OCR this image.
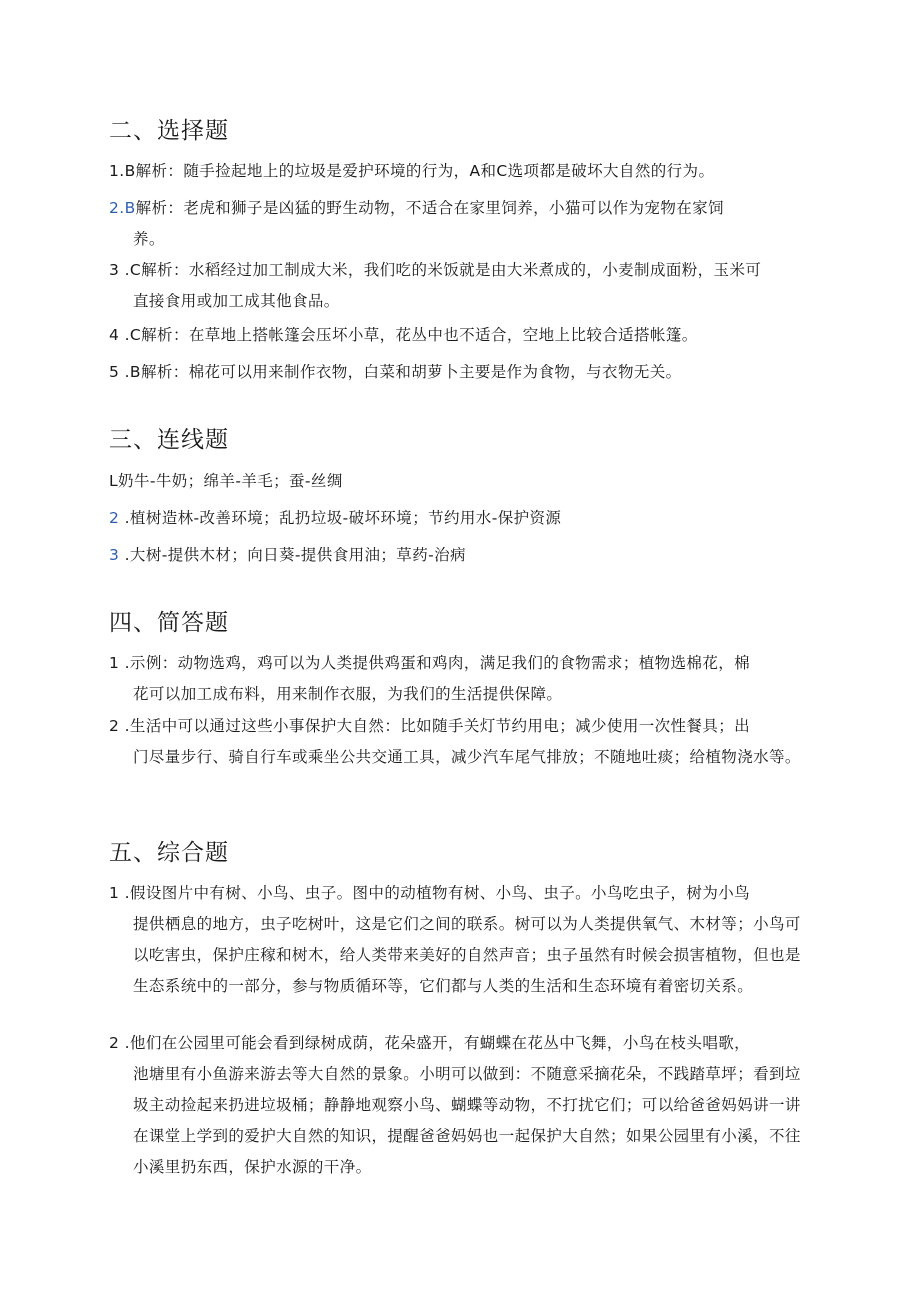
二、选择题

1.B解析：随手捡起地上的垃圾是爱护环境的行为，A和C选项都是破坏大自然的行为。

2.B解析：老虎和狮子是凶猛的野生动物，不适合在家里饲养，小猫可以作为宠物在家饲
养。

3 .C解析：水稻经过加工制成大米，我们吃的米饭就是由大米煮成的，小麦制成面粉，玉米可
直接食用或加工成其他食品。

4 .C解析：在草地上搭帐篷会压坏小草，花丛中也不适合，空地上比较合适搭帐篷。

5 .B解析：棉花可以用来制作衣物，白菜和胡萝卜主要是作为食物，与衣物无关。

三、连线题

L奶牛-牛奶；绵羊-羊毛；蚕-丝绸

2 .植树造林-改善环境；乱扔垃圾-破坏环境；节约用水-保护资源

3 .大树-提供木材；向日葵-提供食用油；草药-治病

四、简答题

1 .示例：动物选鸡，鸡可以为人类提供鸡蛋和鸡肉，满足我们的食物需求；植物选棉花，棉
花可以加工成布料，用来制作衣服，为我们的生活提供保障。

2 .生活中可以通过这些小事保护大自然：比如随手关灯节约用电；减少使用一次性餐具；出
门尽量步行、骑自行车或乘坐公共交通工具，减少汽车尾气排放；不随地吐痰；给植物浇水等。

五、综合题

1 .假设图片中有树、小鸟、虫子。图中的动植物有树、小鸟、虫子。小鸟吃虫子，树为小鸟
提供栖息的地方，虫子吃树叶，这是它们之间的联系。树可以为人类提供氧气、木材等；小鸟可以吃害虫，保护庄稼和树木，给人类带来美好的自然声音；虫子虽然有时候会损害植物，但也是生态系统中的一部分，参与物质循环等，它们都与人类的生活和生态环境有着密切关系。

2 .他们在公园里可能会看到绿树成荫，花朵盛开，有蝴蝶在花丛中飞舞，小鸟在枝头唱歌，
池塘里有小鱼游来游去等大自然的景象。小明可以做到：不随意采摘花朵，不践踏草坪；看到垃圾主动捡起来扔进垃圾桶；静静地观察小鸟、蝴蝶等动物，不打扰它们；可以给爸爸妈妈讲一讲在课堂上学到的爱护大自然的知识，提醒爸爸妈妈也一起保护大自然；如果公园里有小溪，不往小溪里扔东西，保护水源的干净。
